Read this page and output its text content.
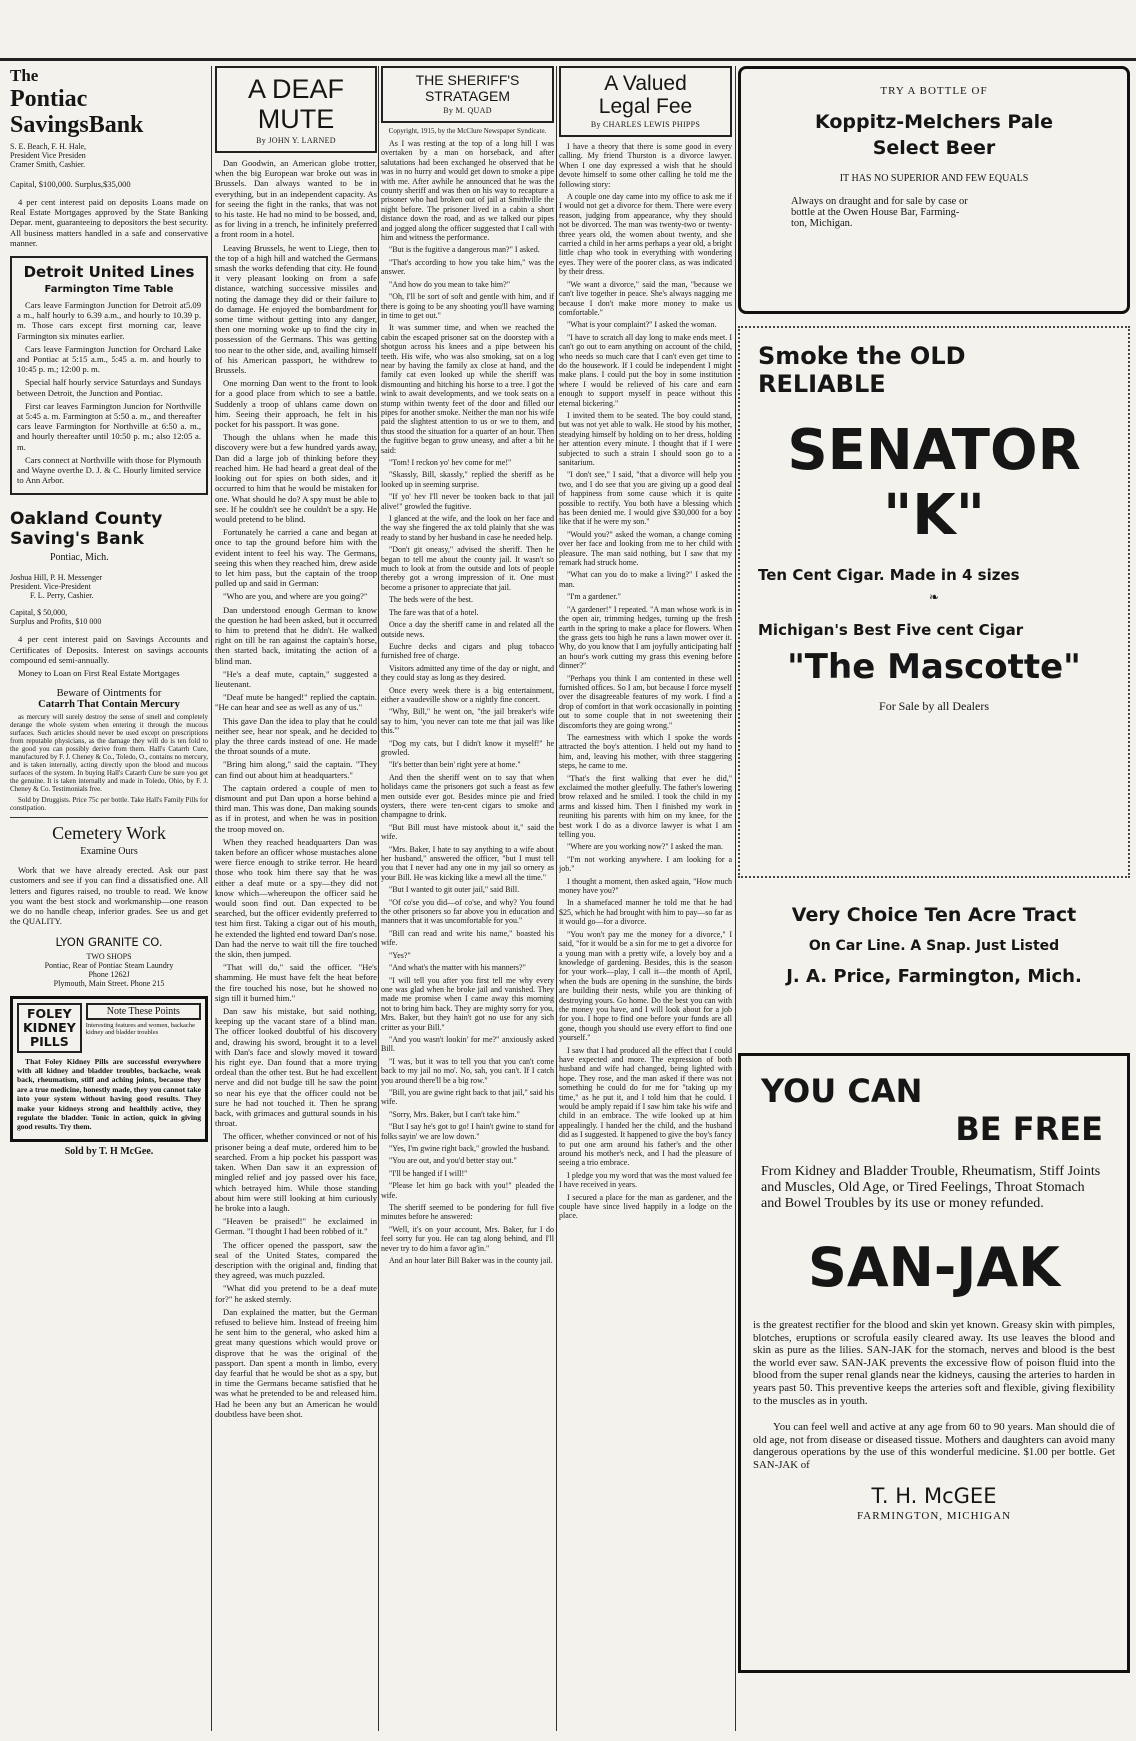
The
Pontiac
SavingsBank
S. E. Beach, F. H. Hale,
President Vice Presiden
Cramer Smith, Cashier.
Capital, $100,000. Surplus,$35,000

4 per cent interest paid on deposits Loans made on Real Estate Mortgages approved by the State Banking Depar. ment, guaranteeing to depositors the best security. All business matters handled in a safe and conservative manner.

Detroit United Lines
Farmington Time Table

Cars leave Farmington Junction for Detroit at5.09 a m., half hourly to 6.39 a.m., and hourly to 10.39 p. m. Those cars except first morning car, leave Farmington six minutes earlier.

Cars leave Farmington Junction for Orchard Lake and Pontiac at 5:15 a.m., 5:45 a. m. and hourly to 10:45 p. m.; 12:00 p. m.

Special half hourly service Saturdays and Sundays between Detroit, the Junction and Pontiac.

First car leaves Farmington Juncion for Northville at 5:45 a. m. Farmington at 5:50 a. m., and thereafter cars leave Farmington for Northville at 6:50 a. m., and hourly thereafter until 10:50 p. m.; also 12:05 a. m.

Cars connect at Northville with those for Plymouth and Wayne overthe D. J. & C. Hourly limited service to Ann Arbor.

Oakland County
Saving's Bank
Pontiac, Mich.
Joshua Hill, P. H. Messenger
President. Vice-President
F. L. Perry, Cashier.
Capital, $ 50,000,
Surplus and Profits, $10 000

4 per cent interest paid on Savings Accounts and Certificates of Deposits. Interest on savings accounts compound ed semi-annually.

Money to Loan on First Real Estate Mortgages

Beware of Ointments for
Catarrh That Contain Mercury

as mercury will surely destroy the sense of smell and completely derange the whole system when entering it through the mucous surfaces. Such articles should never be used except on prescriptions from reputable physicians, as the damage they will do is ten fold to the good you can possibly derive from them. Hall's Catarrh Cure, manufactured by F. J. Cheney & Co., Toledo, O., contains no mercury, and is taken internally, acting directly upon the blood and mucous surfaces of the system. In buying Hall's Catarrh Cure be sure you get the genuine. It is taken internally and made in Toledo, Ohio, by F. J. Cheney & Co. Testimonials free.

Sold by Druggists. Price 75c per bottle. Take Hall's Family Pills for constipation.

Cemetery Work
Examine Ours

Work that we have already erected. Ask our past customers and see if you can find a dissatisfied one. All letters and figures raised, no trouble to read. We know you want the best stock and workmanship—one reason we do no handle cheap, inferior grades. See us and get the QUALITY.

LYON GRANITE CO.
TWO SHOPS
Pontiac, Rear of Pontiac Steam Laundry
Phone 1262J
Plymouth, Main Street. Phone 215
FOLEY
KIDNEY
PILLS
Note These Points
Interesting features and women, backache kidney and bladder troubles

That Foley Kidney Pills are successful everywhere with all kidney and bladder troubles, backache, weak back, rheumatism, stiff and aching joints, because they are a true medicine, honestly made, they you cannot take into your system without having good results. They make your kidneys strong and healthily active, they regulate the bladder. Tonic in action, quick in giving good results. Try them.

Sold by T. H McGee.
A DEAF
MUTE
By JOHN Y. LARNED

Dan Goodwin, an American globe trotter, when the big European war broke out was in Brussels. Dan always wanted to be in everything, but in an independent capacity. As for seeing the fight in the ranks, that was not to his taste. He had no mind to be bossed, and, as for living in a trench, he infinitely preferred a front room in a hotel.

Leaving Brussels, he went to Liege, then to the top of a high hill and watched the Germans smash the works defending that city. He found it very pleasant looking on from a safe distance, watching successive missiles and noting the damage they did or their failure to do damage. He enjoyed the bombardment for some time without getting into any danger, then one morning woke up to find the city in possession of the Germans. This was getting too near to the other side, and, availing himself of his American passport, he withdrew to Brussels.

One morning Dan went to the front to look for a good place from which to see a battle. Suddenly a troop of uhlans came down on him. Seeing their approach, he felt in his pocket for his passport. It was gone.

Though the uhlans when he made this discovery were but a few hundred yards away, Dan did a large job of thinking before they reached him. He had heard a great deal of the looking out for spies on both sides, and it occurred to him that he would be mistaken for one. What should he do? A spy must be able to see. If he couldn't see he couldn't be a spy. He would pretend to be blind.

Fortunately he carried a cane and began at once to tap the ground before him with the evident intent to feel his way. The Germans, seeing this when they reached him, drew aside to let him pass, but the captain of the troop pulled up and said in German:

"Who are you, and where are you going?"

Dan understood enough German to know the question he had been asked, but it occurred to him to pretend that he didn't. He walked right on till he ran against the captain's horse, then started back, imitating the action of a blind man.

"He's a deaf mute, captain," suggested a lieutenant.

"Deaf mute be hanged!" replied the captain. "He can hear and see as well as any of us."

This gave Dan the idea to play that he could neither see, hear nor speak, and he decided to play the three cards instead of one. He made the throat sounds of a mute.

"Bring him along," said the captain. "They can find out about him at headquarters."

The captain ordered a couple of men to dismount and put Dan upon a horse behind a third man. This was done, Dan making sounds as if in protest, and when he was in position the troop moved on.

When they reached headquarters Dan was taken before an officer whose mustaches alone were fierce enough to strike terror. He heard those who took him there say that he was either a deaf mute or a spy—they did not know which—whereupon the officer said he would soon find out. Dan expected to be searched, but the officer evidently preferred to test him first. Taking a cigar out of his mouth, he extended the lighted end toward Dan's nose. Dan had the nerve to wait till the fire touched the skin, then jumped.

"That will do," said the officer. "He's shamming. He must have felt the heat before the fire touched his nose, but he showed no sign till it burned him."

Dan saw his mistake, but said nothing, keeping up the vacant stare of a blind man. The officer looked doubtful of his discovery and, drawing his sword, brought it to a level with Dan's face and slowly moved it toward his right eye. Dan found that a more trying ordeal than the other test. But he had excellent nerve and did not budge till he saw the point so near his eye that the officer could not be sure he had not touched it. Then he sprang back, with grimaces and guttural sounds in his throat.

The officer, whether convinced or not of his prisoner being a deaf mute, ordered him to be searched. From a hip pocket his passport was taken. When Dan saw it an expression of mingled relief and joy passed over his face, which betrayed him. While those standing about him were still looking at him curiously he broke into a laugh.

"Heaven be praised!" he exclaimed in German. "I thought I had been robbed of it."

The officer opened the passport, saw the seal of the United States, compared the description with the original and, finding that they agreed, was much puzzled.

"What did you pretend to be a deaf mute for?" he asked sternly.

Dan explained the matter, but the German refused to believe him. Instead of freeing him he sent him to the general, who asked him a great many questions which would prove or disprove that he was the original of the passport. Dan spent a month in limbo, every day fearful that he would be shot as a spy, but in time the Germans became satisfied that he was what he pretended to be and released him. Had he been any but an American he would doubtless have been shot.

THE SHERIFF'S
STRATAGEM
By M. QUAD
Copyright, 1915, by the McClure Newspaper Syndicate.

As I was resting at the top of a long hill I was overtaken by a man on horseback, and after salutations had been exchanged he observed that he was in no hurry and would get down to smoke a pipe with me. After awhile he announced that he was the county sheriff and was then on his way to recapture a prisoner who had broken out of jail at Smithville the night before. The prisoner lived in a cabin a short distance down the road, and as we talked our pipes and jogged along the officer suggested that I call with him and witness the performance.

"But is the fugitive a dangerous man?" I asked.

"That's according to how you take him," was the answer.

"And how do you mean to take him?"

"Oh, I'll be sort of soft and gentle with him, and if there is going to be any shooting you'll have warning in time to get out."

It was summer time, and when we reached the cabin the escaped prisoner sat on the doorstep with a shotgun across his knees and a pipe between his teeth. His wife, who was also smoking, sat on a log near by having the family ax close at hand, and the family cat even looked up while the sheriff was dismounting and hitching his horse to a tree. I got the wink to await developments, and we took seats on a stump within twenty feet of the door and filled our pipes for another smoke. Neither the man nor his wife paid the slightest attention to us or we to them, and thus stood the situation for a quarter of an hour. Then the fugitive began to grow uneasy, and after a bit he said:

"Tom! I reckon yo' hev come for me!"

"Skassly, Bill, skassly," replied the sheriff as he looked up in seeming surprise.

"If yo' hev I'll never be tooken back to that jail alive!" growled the fugitive.

I glanced at the wife, and the look on her face and the way she fingered the ax told plainly that she was ready to stand by her husband in case he needed help.

"Don't git oneasy," advised the sheriff. Then he began to tell me about the county jail. It wasn't so much to look at from the outside and lots of people thereby got a wrong impression of it. One must become a prisoner to appreciate that jail.

The beds were of the best.

The fare was that of a hotel.

Once a day the sheriff came in and related all the outside news.

Euchre decks and cigars and plug tobacco furnished free of charge.

Visitors admitted any time of the day or night, and they could stay as long as they desired.

Once every week there is a big entertainment, either a vaudeville show or a nightly fine concert.

"Why, Bill," he went on, "the jail breaker's wife say to him, 'you never can tote me that jail was like this.'"

"Dog my cats, but I didn't know it myself!" he growled.

"It's better than bein' right yere at home."

And then the sheriff went on to say that when holidays came the prisoners got such a feast as few men outside ever got. Besides mince pie and fried oysters, there were ten-cent cigars to smoke and champagne to drink.

"But Bill must have mistook about it," said the wife.

"Mrs. Baker, I hate to say anything to a wife about her husband," answered the officer, "but I must tell you that I never had any one in my jail so ornery as your Bill. He was kicking like a mewl all the time."

"But I wanted to git outer jail," said Bill.

"Of co'se you did—of co'se, and why? You found the other prisoners so far above you in education and manners that it was uncomfortable for you."

"Bill can read and write his name," boasted his wife.

"Yes?"

"And what's the matter with his manners?"

"I will tell you after you first tell me why every one was glad when he broke jail and vanished. They made me promise when I came away this morning not to bring him back. They are mighty sorry for you, Mrs. Baker, but they hain't got no use for any sich critter as your Bill."

"And you wasn't lookin' for me?" anxiously asked Bill.

"I was, but it was to tell you that you can't come back to my jail no mo'. No, sah, you can't. If I catch you around there'll be a big row."

"Bill, you are gwine right back to that jail," said his wife.

"Sorry, Mrs. Baker, but I can't take him."

"But I say he's got to go! I hain't gwine to stand for folks sayin' we are low down."

"Yes, I'm gwine right back," growled the husband.

"You are out, and you'd better stay out."

"I'll be hanged if I will!"

"Please let him go back with you!" pleaded the wife.

The sheriff seemed to be pondering for full five minutes before he answered:

"Well, it's on your account, Mrs. Baker, fur I do feel sorry fur you. He can tag along behind, and I'll never try to do him a favor ag'in."

And an hour later Bill Baker was in the county jail.

A Valued
Legal Fee
By CHARLES LEWIS PHIPPS

I have a theory that there is some good in every calling. My friend Thurston is a divorce lawyer. When I one day expressed a wish that he should devote himself to some other calling he told me the following story:

A couple one day came into my office to ask me if I would not get a divorce for them. There were every reason, judging from appearance, why they should not be divorced. The man was twenty-two or twenty-three years old, the women about twenty, and she carried a child in her arms perhaps a year old, a bright little chap who took in everything with wondering eyes. They were of the poorer class, as was indicated by their dress.

"We want a divorce," said the man, "because we can't live together in peace. She's always nagging me because I don't make more money to make us comfortable."

"What is your complaint?" I asked the woman.

"I have to scratch all day long to make ends meet. I can't go out to earn anything on account of the child, who needs so much care that I can't even get time to do the housework. If I could be independent I might make plans. I could put the boy in some institution where I would be relieved of his care and earn enough to support myself in peace without this eternal bickering."

I invited them to be seated. The boy could stand, but was not yet able to walk. He stood by his mother, steadying himself by holding on to her dress, holding her attention every minute. I thought that if I were subjected to such a strain I should soon go to a sanitarium.

"I don't see," I said, "that a divorce will help you two, and I do see that you are giving up a good deal of happiness from some cause which it is quite possible to rectify. You both have a blessing which has been denied me. I would give $30,000 for a boy like that if he were my son."

"Would you?" asked the woman, a change coming over her face and looking from me to her child with pleasure. The man said nothing, but I saw that my remark had struck home.

"What can you do to make a living?" I asked the man.

"I'm a gardener."

"A gardener!" I repeated. "A man whose work is in the open air, trimming hedges, turning up the fresh earth in the spring to make a place for flowers. When the grass gets too high he runs a lawn mower over it. Why, do you know that I am joyfully anticipating half an hour's work cutting my grass this evening before dinner?"

"Perhaps you think I am contented in these well furnished offices. So I am, but because I force myself over the disagreeable features of my work. I find a drop of comfort in that work occasionally in pointing out to some couple that in not sweetening their discomforts they are going wrong."

The earnestness with which I spoke the words attracted the boy's attention. I held out my hand to him, and, leaving his mother, with three staggering steps, he came to me.

"That's the first walking that ever he did," exclaimed the mother gleefully. The father's lowering brow relaxed and he smiled. I took the child in my arms and kissed him. Then I finished my work in reuniting his parents with him on my knee, for the best work I do as a divorce lawyer is what I am telling you.

"Where are you working now?" I asked the man.

"I'm not working anywhere. I am looking for a job."

I thought a moment, then asked again, "How much money have you?"

In a shamefaced manner he told me that he had $25, which he had brought with him to pay—so far as it would go—for a divorce.

"You won't pay me the money for a divorce," I said, "for it would be a sin for me to get a divorce for a young man with a pretty wife, a lovely boy and a knowledge of gardening. Besides, this is the season for your work—play, I call it—the month of April, when the buds are opening in the sunshine, the birds are building their nests, while you are thinking of destroying yours. Go home. Do the best you can with the money you have, and I will look about for a job for you. I hope to find one before your funds are all gone, though you should use every effort to find one yourself."

I saw that I had produced all the effect that I could have expected and more. The expression of both husband and wife had changed, being lighted with hope. They rose, and the man asked if there was not something he could do for me for "taking up my time," as he put it, and I told him that he could. I would be amply repaid if I saw him take his wife and child in an embrace. The wife looked up at him appealingly. I handed her the child, and the husband did as I suggested. It happened to give the boy's fancy to put one arm around his father's and the other around his mother's neck, and I had the pleasure of seeing a trio embrace.

I pledge you my word that was the most valued fee I have received in years.

I secured a place for the man as gardener, and the couple have since lived happily in a lodge on the place.

TRY A BOTTLE OF
Koppitz-Melchers Pale
Select Beer
IT HAS NO SUPERIOR AND FEW EQUALS
Always on draught and for sale by case or
bottle at the Owen House Bar, Farming-
ton, Michigan.
Smoke the OLD
RELIABLE
SENATOR
"K"
Ten Cent Cigar. Made in 4 sizes
❧
Michigan's Best Five cent Cigar
"The Mascotte"
For Sale by all Dealers
Very Choice Ten Acre Tract
On Car Line. A Snap. Just Listed
J. A. Price, Farmington, Mich.
YOU CAN
BE FREE
From Kidney and Bladder Trouble, Rheumatism, Stiff Joints and Muscles, Old Age, or Tired Feelings, Throat Stomach and Bowel Troubles by its use or money refunded.
SAN-JAK
is the greatest rectifier for the blood and skin yet known. Greasy skin with pimples, blotches, eruptions or scrofula easily cleared away. Its use leaves the blood and skin as pure as the lilies. SAN-JAK for the stomach, nerves and blood is the best the world ever saw. SAN-JAK prevents the excessive flow of poison fluid into the blood from the super renal glands near the kidneys, causing the arteries to harden in years past 50. This preventive keeps the arteries soft and flexible, giving flexibility to the muscles as in youth.
You can feel well and active at any age from 60 to 90 years. Man should die of old age, not from disease or diseased tissue. Mothers and daughters can avoid many dangerous operations by the use of this wonderful medicine. $1.00 per bottle. Get SAN-JAK of
T. H. McGEE
FARMINGTON, MICHIGAN
